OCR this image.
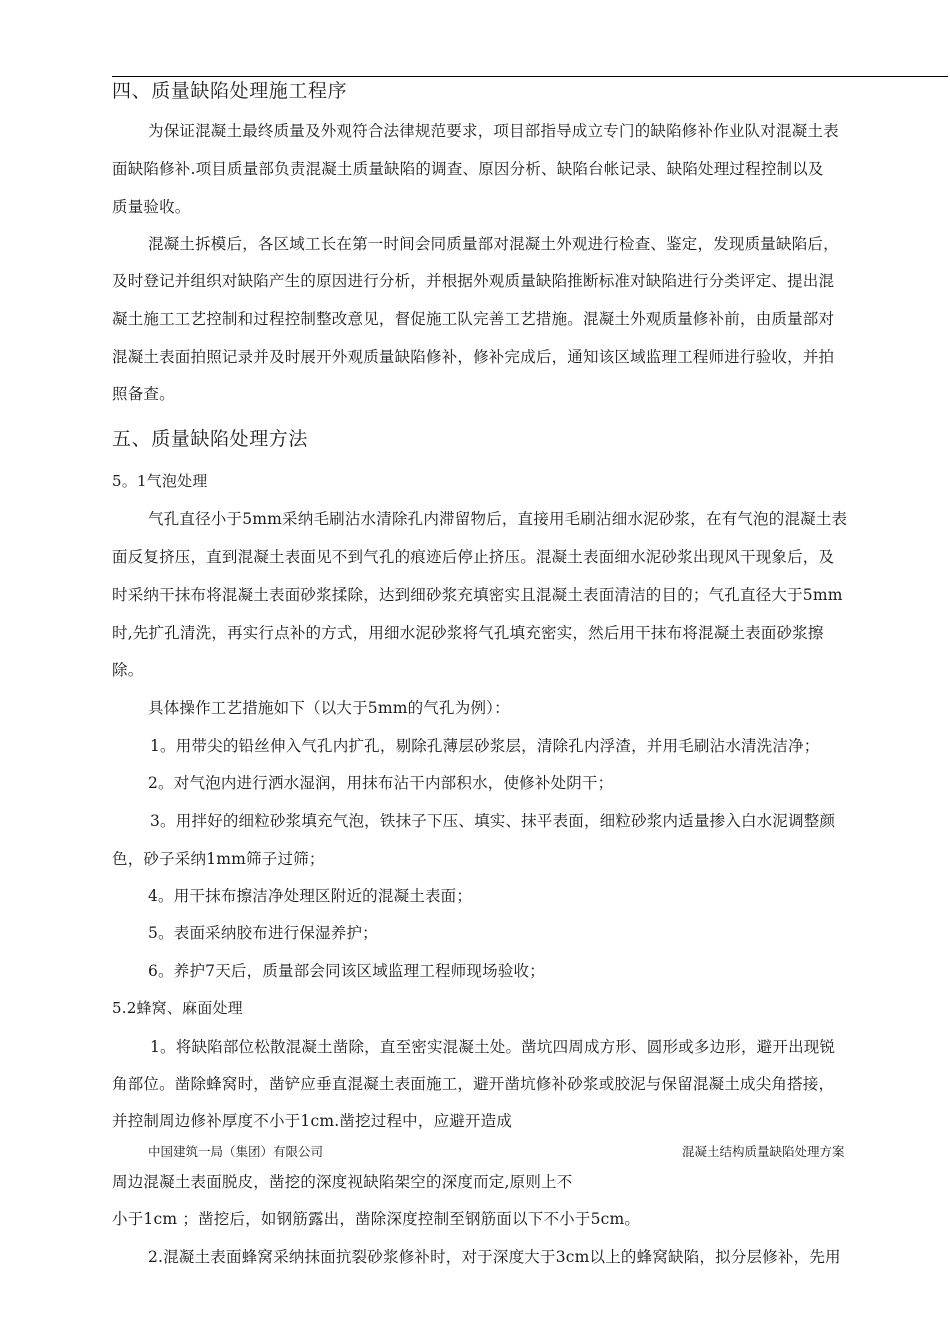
四、质量缺陷处理施工程序
为保证混凝土最终质量及外观符合法律规范要求，项目部指导成立专门的缺陷修补作业队对混凝土表
面缺陷修补.项目质量部负责混凝土质量缺陷的调查、原因分析、缺陷台帐记录、缺陷处理过程控制以及
质量验收。
混凝土拆模后，各区域工长在第一时间会同质量部对混凝土外观进行检查、鉴定，发现质量缺陷后，
及时登记并组织对缺陷产生的原因进行分析，并根据外观质量缺陷推断标准对缺陷进行分类评定、提出混
凝土施工工艺控制和过程控制整改意见，督促施工队完善工艺措施。混凝土外观质量修补前，由质量部对
混凝土表面拍照记录并及时展开外观质量缺陷修补，修补完成后，通知该区域监理工程师进行验收，并拍
照备查。
五、质量缺陷处理方法
5。1气泡处理
气孔直径小于5mm采纳毛刷沾水清除孔内滞留物后，直接用毛刷沾细水泥砂浆，在有气泡的混凝土表
面反复挤压，直到混凝土表面见不到气孔的痕迹后停止挤压。混凝土表面细水泥砂浆出现风干现象后，及
时采纳干抹布将混凝土表面砂浆揉除，达到细砂浆充填密实且混凝土表面清洁的目的；气孔直径大于5mm
时,先扩孔清洗，再实行点补的方式，用细水泥砂浆将气孔填充密实，然后用干抹布将混凝土表面砂浆擦
除。
具体操作工艺措施如下（以大于5mm的气孔为例）：
1。用带尖的铅丝伸入气孔内扩孔，剔除孔薄层砂浆层，清除孔内浮渣，并用毛刷沾水清洗洁净；
2。对气泡内进行洒水湿润，用抹布沾干内部积水，使修补处阴干；
3。用拌好的细粒砂浆填充气泡，铁抹子下压、填实、抹平表面，细粒砂浆内适量掺入白水泥调整颜
色，砂子采纳1mm筛子过筛；
4。用干抹布擦洁净处理区附近的混凝土表面；
5。表面采纳胶布进行保湿养护；
6。养护7天后，质量部会同该区域监理工程师现场验收；
5.2蜂窝、麻面处理
1。将缺陷部位松散混凝土凿除，直至密实混凝土处。凿坑四周成方形、圆形或多边形，避开出现锐
角部位。凿除蜂窝时，凿铲应垂直混凝土表面施工，避开凿坑修补砂浆或胶泥与保留混凝土成尖角搭接，
并控制周边修补厚度不小于1cm.凿挖过程中，应避开造成
中国建筑一局（集团）有限公司	混凝土结构质量缺陷处理方案
周边混凝土表面脱皮，凿挖的深度视缺陷架空的深度而定,原则上不
小于1cm ；凿挖后，如钢筋露出，凿除深度控制至钢筋面以下不小于5cm。
2.混凝土表面蜂窝采纳抹面抗裂砂浆修补时，对于深度大于3cm以上的蜂窝缺陷，拟分层修补，先用
